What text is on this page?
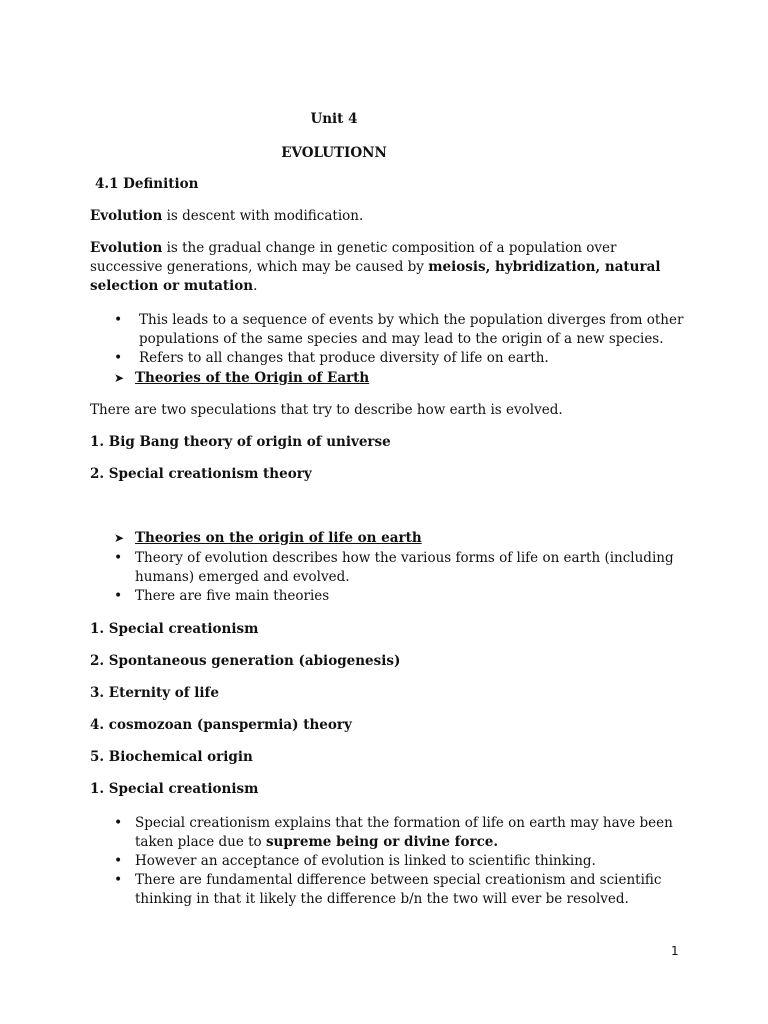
Unit 4

EVOLUTIONN

4.1 Definition

Evolution is descent with modification.

Evolution is the gradual change in genetic composition of a population over
successive generations, which may be caused by meiosis, hybridization, natural
selection or mutation.
• This leads to a sequence of events by which the population diverges from other
populations of the same species and may lead to the origin of a new species.
• Refers to all changes that produce diversity of life on earth.
➤ Theories of the Origin of Earth

There are two speculations that try to describe how earth is evolved.

1. Big Bang theory of origin of universe

2. Special creationism theory

➤ Theories on the origin of life on earth
• Theory of evolution describes how the various forms of life on earth (including
humans) emerged and evolved.
• There are five main theories

1. Special creationism

2. Spontaneous generation (abiogenesis)

3. Eternity of life

4. cosmozoan (panspermia) theory

5. Biochemical origin

1. Special creationism

• Special creationism explains that the formation of life on earth may have been
taken place due to supreme being or divine force.
• However an acceptance of evolution is linked to scientific thinking.
• There are fundamental difference between special creationism and scientific
thinking in that it likely the difference b/n the two will ever be resolved.

1
